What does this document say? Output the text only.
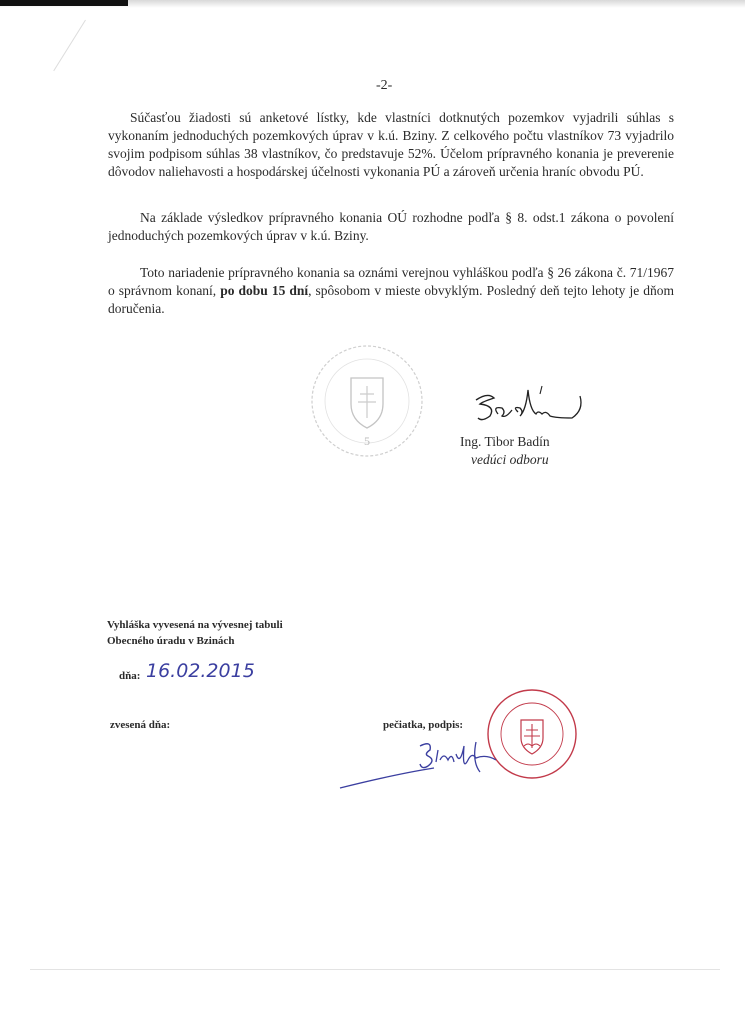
-2-

Súčasťou žiadosti sú anketové lístky, kde vlastníci dotknutých pozemkov vyjadrili súhlas s vykonaním jednoduchých pozemkových úprav v k.ú. Bziny. Z celkového počtu vlastníkov 73 vyjadrilo svojim podpisom súhlas 38 vlastníkov, čo predstavuje 52%. Účelom prípravného konania je preverenie dôvodov naliehavosti a hospodárskej účelnosti vykonania PÚ a zároveň určenia hraníc obvodu PÚ.

Na základe výsledkov prípravného konania OÚ rozhodne podľa § 8. odst.1 zákona o povolení jednoduchých pozemkových úprav v k.ú. Bziny.

Toto nariadenie prípravného konania sa oznámi verejnou vyhláškou podľa § 26 zákona č. 71/1967 o správnom konaní, po dobu 15 dní, spôsobom v mieste obvyklým. Posledný deň tejto lehoty je dňom doručenia.

5	Ing. Tibor Badín
vedúci odboru
Vyhláška vyvesená na vývesnej tabuli
Obecného úradu v Bzinách
dňa: 16.02.2015
zvesená dňa:	pečiatka, podpis:
